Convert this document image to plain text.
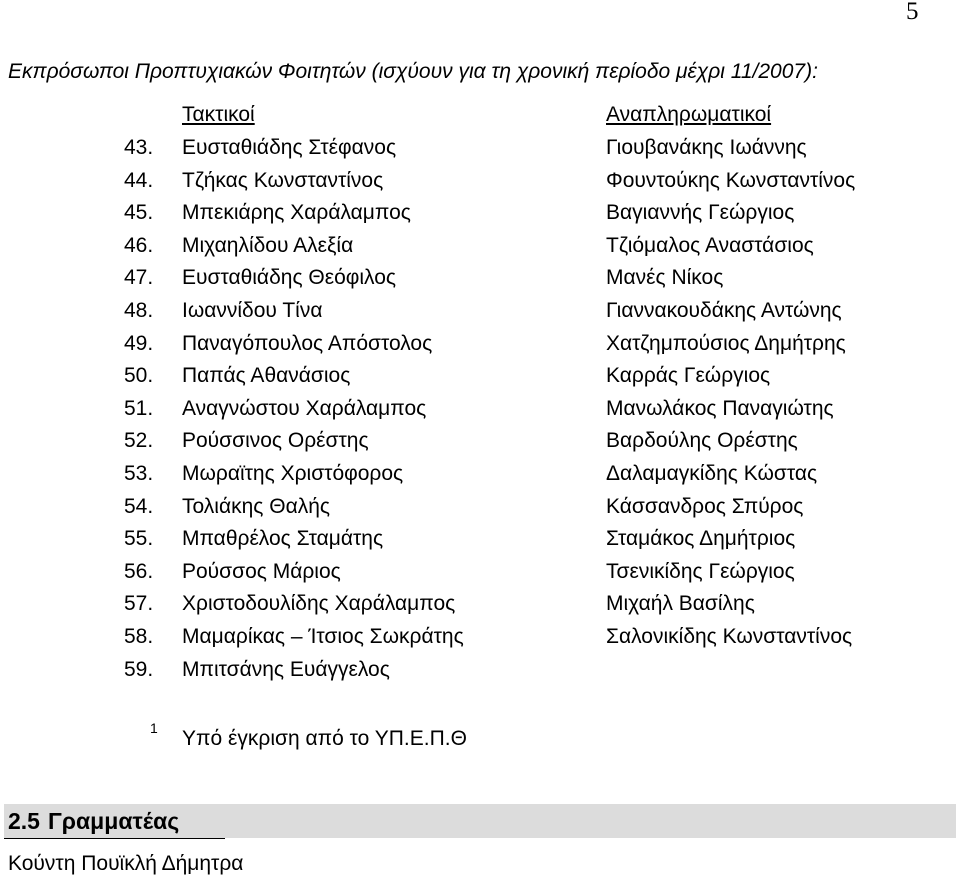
5
Εκπρόσωποι Προπτυχιακών Φοιτητών (ισχύουν για τη χρονική περίοδο μέχρι 11/2007):
Τακτικοί	Αναπληρωματικοί
43. Ευσταθιάδης Στέφανος	Γιουβανάκης Ιωάννης
44. Τζήκας Κωνσταντίνος	Φουντούκης Κωνσταντίνος
45. Μπεκιάρης Χαράλαμπος	Βαγιαννής Γεώργιος
46. Μιχαηλίδου Αλεξία	Τζιόμαλος Αναστάσιος
47. Ευσταθιάδης Θεόφιλος	Μανές Νίκος
48. Ιωαννίδου Τίνα	Γιαννακουδάκης Αντώνης
49. Παναγόπουλος Απόστολος	Χατζημπούσιος Δημήτρης
50. Παπάς Αθανάσιος	Καρράς Γεώργιος
51. Αναγνώστου Χαράλαμπος	Μανωλάκος Παναγιώτης
52. Ρούσσινος Ορέστης	Βαρδούλης Ορέστης
53. Μωραϊτης Χριστόφορος	Δαλαμαγκίδης Κώστας
54. Τολιάκης Θαλής	Κάσσανδρος Σπύρος
55. Μπαθρέλος Σταμάτης	Σταμάκος Δημήτριος
56. Ρούσσος Μάριος	Τσενικίδης Γεώργιος
57. Χριστοδουλίδης Χαράλαμπος	Μιχαήλ Βασίλης
58. Μαμαρίκας – Ίτσιος Σωκράτης	Σαλονικίδης Κωνσταντίνος
59. Μπιτσάνης Ευάγγελος
1 Υπό έγκριση από το ΥΠ.Ε.Π.Θ
2.5 Γραμματέας
Κούντη Πουϊκλή Δήμητρα
